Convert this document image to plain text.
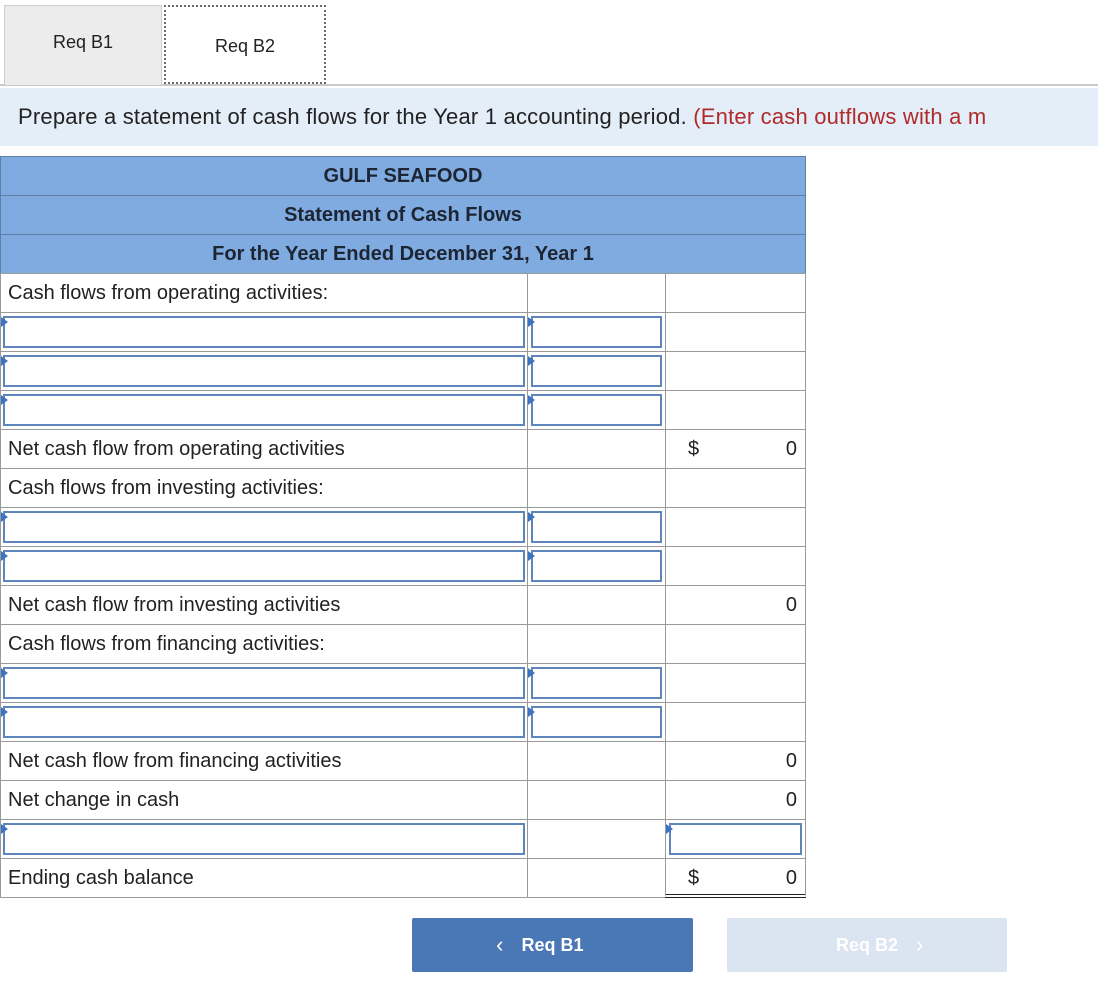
Req B1	Req B2
Prepare a statement of cash flows for the Year 1 accounting period. (Enter cash outflows with a m
GULF SEAFOOD
Statement of Cash Flows
For the Year Ended December 31, Year 1
Cash flows from operating activities:
Net cash flow from operating activities	$	0
Cash flows from investing activities:
Net cash flow from investing activities	0
Cash flows from financing activities:
Net cash flow from financing activities	0
Net change in cash	0
Ending cash balance	$	0
‹ Req B1	Req B2 ›
